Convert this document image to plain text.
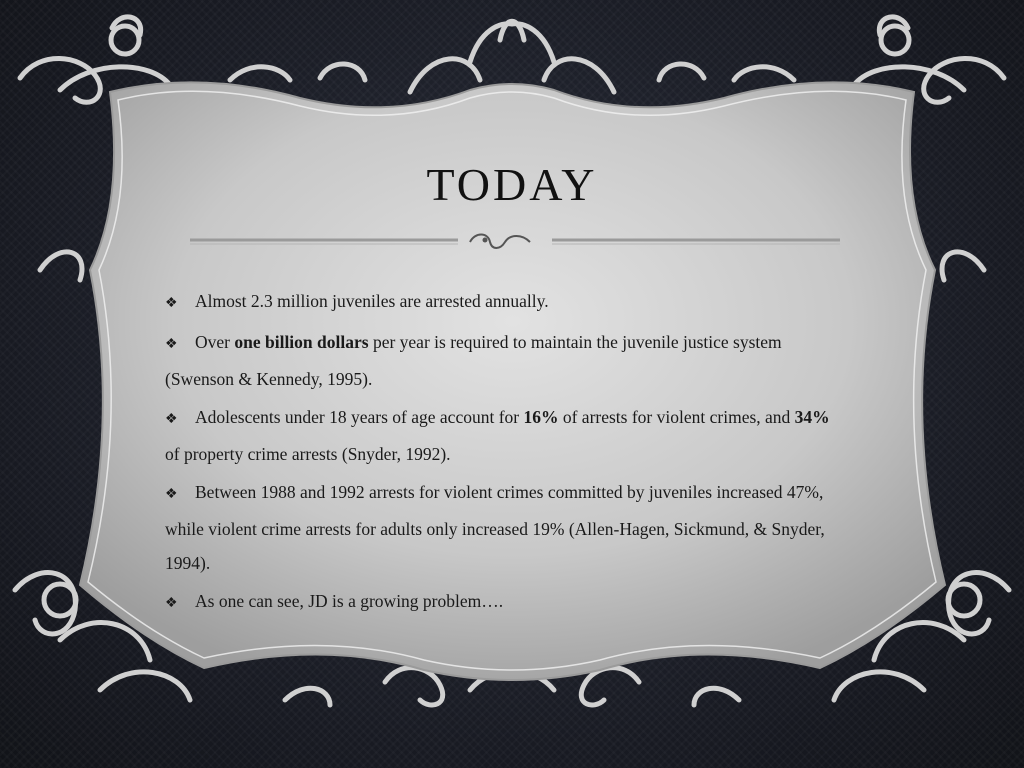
TODAY
❖ Almost 2.3 million juveniles are arrested annually.
❖ Over one billion dollars per year is required to maintain the juvenile justice system (Swenson & Kennedy, 1995).
❖ Adolescents under 18 years of age account for 16% of arrests for violent crimes, and 34% of property crime arrests (Snyder, 1992).
❖ Between 1988 and 1992 arrests for violent crimes committed by juveniles increased 47%, while violent crime arrests for adults only increased 19% (Allen-Hagen, Sickmund, & Snyder, 1994).
❖ As one can see, JD is a growing problem….
